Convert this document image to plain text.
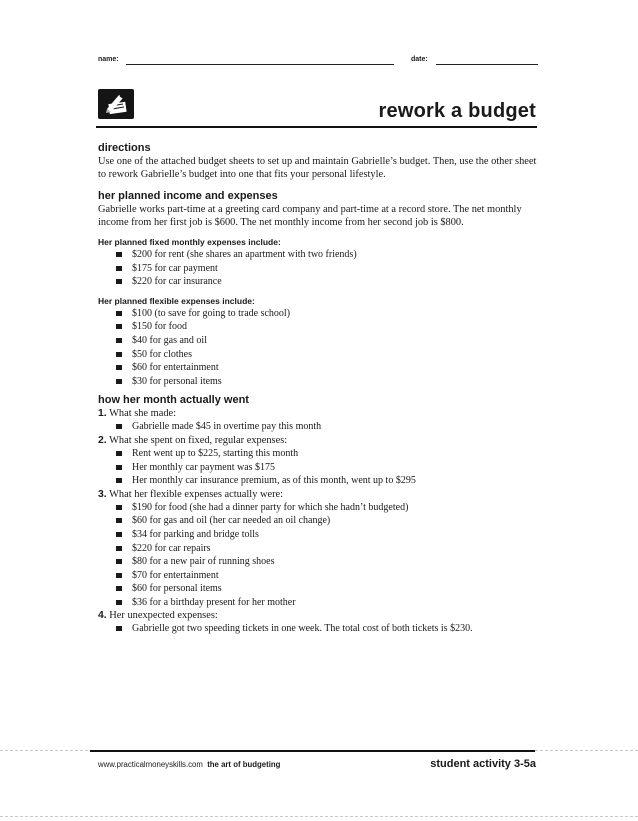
name:	date:
rework a budget

directions

Use one of the attached budget sheets to set up and maintain Gabrielle’s budget. Then, use the other sheet to rework Gabrielle’s budget into one that fits your personal lifestyle.

her planned income and expenses

Gabrielle works part-time at a greeting card company and part-time at a record store. The net monthly income from her first job is $600. The net monthly income from her second job is $800.

Her planned fixed monthly expenses include:

$200 for rent (she shares an apartment with two friends)
$175 for car payment
$220 for car insurance

Her planned flexible expenses include:

$100 (to save for going to trade school)
$150 for food
$40 for gas and oil
$50 for clothes
$60 for entertainment
$30 for personal items

how her month actually went

1. What she made:

Gabrielle made $45 in overtime pay this month

2. What she spent on fixed, regular expenses:

Rent went up to $225, starting this month
Her monthly car payment was $175
Her monthly car insurance premium, as of this month, went up to $295

3. What her flexible expenses actually were:

$190 for food (she had a dinner party for which she hadn’t budgeted)
$60 for gas and oil (her car needed an oil change)
$34 for parking and bridge tolls
$220 for car repairs
$80 for a new pair of running shoes
$70 for entertainment
$60 for personal items
$36 for a birthday present for her mother

4. Her unexpected expenses:

Gabrielle got two speeding tickets in one week. The total cost of both tickets is $230.
www.practicalmoneyskills.com the art of budgeting	student activity 3-5a
